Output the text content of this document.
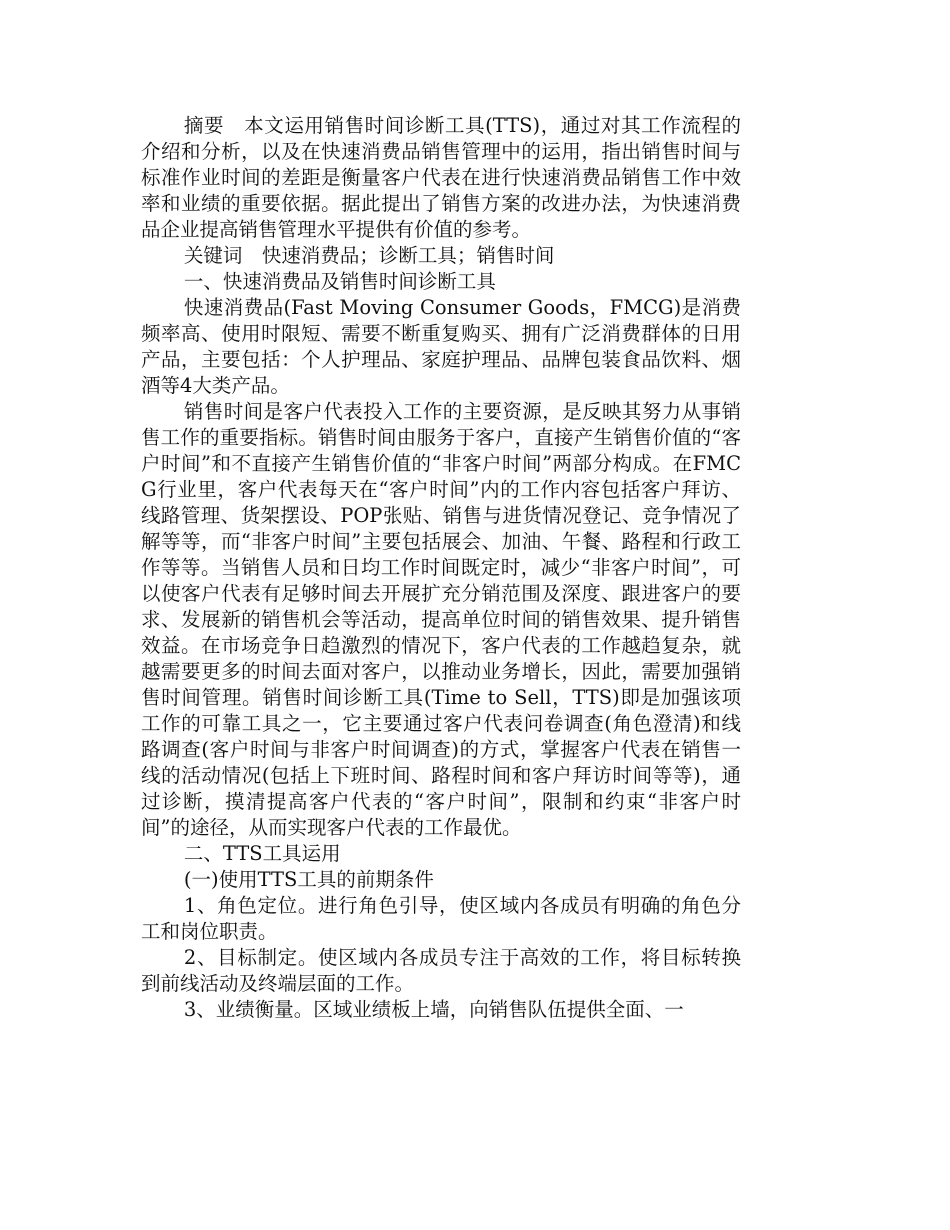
摘要　本文运用销售时间诊断工具(TTS)，通过对其工作流程的介绍和分析，以及在快速消费品销售管理中的运用，指出销售时间与标准作业时间的差距是衡量客户代表在进行快速消费品销售工作中效率和业绩的重要依据。据此提出了销售方案的改进办法，为快速消费品企业提高销售管理水平提供有价值的参考。

关键词　快速消费品；诊断工具；销售时间

一、快速消费品及销售时间诊断工具

快速消费品(Fast Moving Consumer Goods，FMCG)是消费频率高、使用时限短、需要不断重复购买、拥有广泛消费群体的日用产品，主要包括：个人护理品、家庭护理品、品牌包装食品饮料、烟酒等4大类产品。

销售时间是客户代表投入工作的主要资源，是反映其努力从事销售工作的重要指标。销售时间由服务于客户，直接产生销售价值的“客户时间”和不直接产生销售价值的“非客户时间”两部分构成。在FMCG行业里，客户代表每天在“客户时间”内的工作内容包括客户拜访、线路管理、货架摆设、POP张贴、销售与进货情况登记、竞争情况了解等等，而“非客户时间”主要包括展会、加油、午餐、路程和行政工作等等。当销售人员和日均工作时间既定时，减少“非客户时间”，可以使客户代表有足够时间去开展扩充分销范围及深度、跟进客户的要求、发展新的销售机会等活动，提高单位时间的销售效果、提升销售效益。在市场竞争日趋激烈的情况下，客户代表的工作越趋复杂，就越需要更多的时间去面对客户，以推动业务增长，因此，需要加强销售时间管理。销售时间诊断工具(Time to Sell，TTS)即是加强该项工作的可靠工具之一，它主要通过客户代表问卷调查(角色澄清)和线路调查(客户时间与非客户时间调查)的方式，掌握客户代表在销售一线的活动情况(包括上下班时间、路程时间和客户拜访时间等等)，通过诊断，摸清提高客户代表的“客户时间”，限制和约束“非客户时间”的途径，从而实现客户代表的工作最优。

二、TTS工具运用

(一)使用TTS工具的前期条件

1、角色定位。进行角色引导，使区域内各成员有明确的角色分工和岗位职责。

2、目标制定。使区域内各成员专注于高效的工作，将目标转换到前线活动及终端层面的工作。

3、业绩衡量。区域业绩板上墙，向销售队伍提供全面、一
